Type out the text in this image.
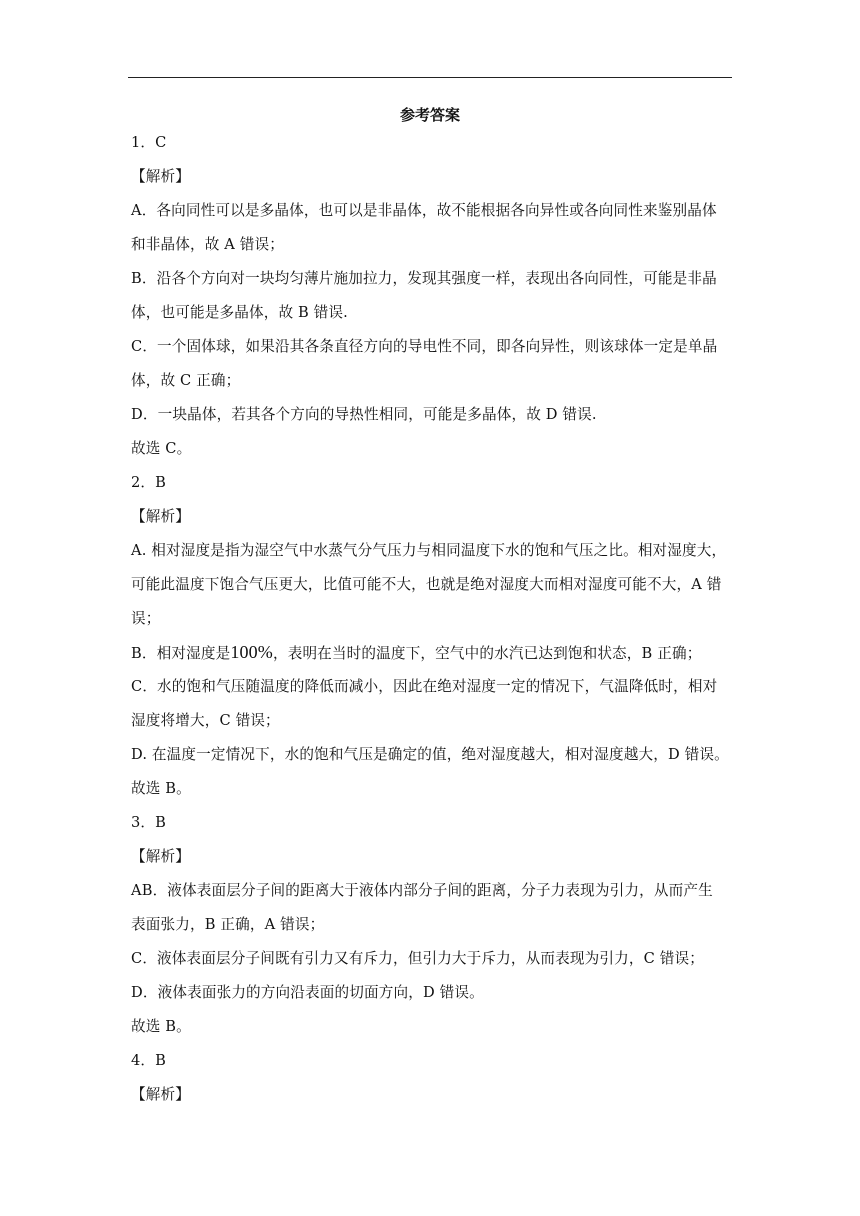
参考答案
1．C
【解析】
A．各向同性可以是多晶体，也可以是非晶体，故不能根据各向异性或各向同性来鉴别晶体
和非晶体，故 A 错误；
B．沿各个方向对一块均匀薄片施加拉力，发现其强度一样，表现出各向同性，可能是非晶
体，也可能是多晶体，故 B 错误.
C．一个固体球，如果沿其各条直径方向的导电性不同，即各向异性，则该球体一定是单晶
体，故 C 正确；
D．一块晶体，若其各个方向的导热性相同，可能是多晶体，故 D 错误.
故选 C。
2．B
【解析】
A. 相对湿度是指为湿空气中水蒸气分气压力与相同温度下水的饱和气压之比。相对湿度大，
可能此温度下饱合气压更大，比值可能不大，也就是绝对湿度大而相对湿度可能不大，A 错
误；
B．相对湿度是100%，表明在当时的温度下，空气中的水汽已达到饱和状态，B 正确；
C．水的饱和气压随温度的降低而减小，因此在绝对湿度一定的情况下，气温降低时，相对
湿度将增大，C 错误；
D. 在温度一定情况下，水的饱和气压是确定的值，绝对湿度越大，相对湿度越大，D 错误。
故选 B。
3．B
【解析】
AB．液体表面层分子间的距离大于液体内部分子间的距离，分子力表现为引力，从而产生
表面张力，B 正确，A 错误；
C．液体表面层分子间既有引力又有斥力，但引力大于斥力，从而表现为引力，C 错误；
D．液体表面张力的方向沿表面的切面方向，D 错误。
故选 B。
4．B
【解析】
